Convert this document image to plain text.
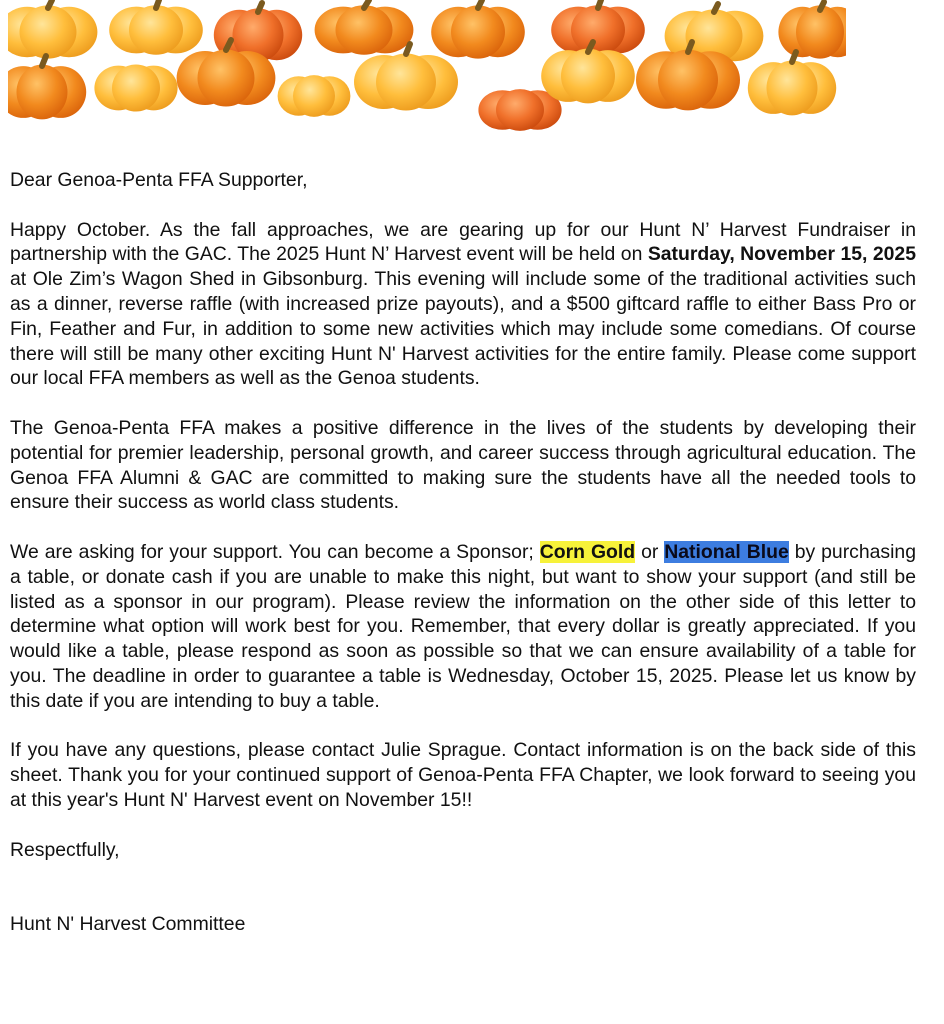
Dear Genoa-Penta FFA Supporter,

Happy October. As the fall approaches, we are gearing up for our Hunt N’ Harvest Fundraiser in partnership with the GAC. The 2025 Hunt N’ Harvest event will be held on Saturday, November 15, 2025 at Ole Zim’s Wagon Shed in Gibsonburg. This evening will include some of the traditional activities such as a dinner, reverse raffle (with increased prize payouts), and a $500 giftcard raffle to either Bass Pro or Fin, Feather and Fur, in addition to some new activities which may include some comedians. Of course there will still be many other exciting Hunt N' Harvest activities for the entire family. Please come support our local FFA members as well as the Genoa students.

The Genoa-Penta FFA makes a positive difference in the lives of the students by developing their potential for premier leadership, personal growth, and career success through agricultural education. The Genoa FFA Alumni & GAC are committed to making sure the students have all the needed tools to ensure their success as world class students.

We are asking for your support. You can become a Sponsor; Corn Gold or National Blue by purchasing a table, or donate cash if you are unable to make this night, but want to show your support (and still be listed as a sponsor in our program). Please review the information on the other side of this letter to determine what option will work best for you. Remember, that every dollar is greatly appreciated. If you would like a table, please respond as soon as possible so that we can ensure availability of a table for you. The deadline in order to guarantee a table is Wednesday, October 15, 2025. Please let us know by this date if you are intending to buy a table.

If you have any questions, please contact Julie Sprague. Contact information is on the back side of this sheet. Thank you for your continued support of Genoa-Penta FFA Chapter, we look forward to seeing you at this year's Hunt N' Harvest event on November 15!!

Respectfully,

Hunt N' Harvest Committee
